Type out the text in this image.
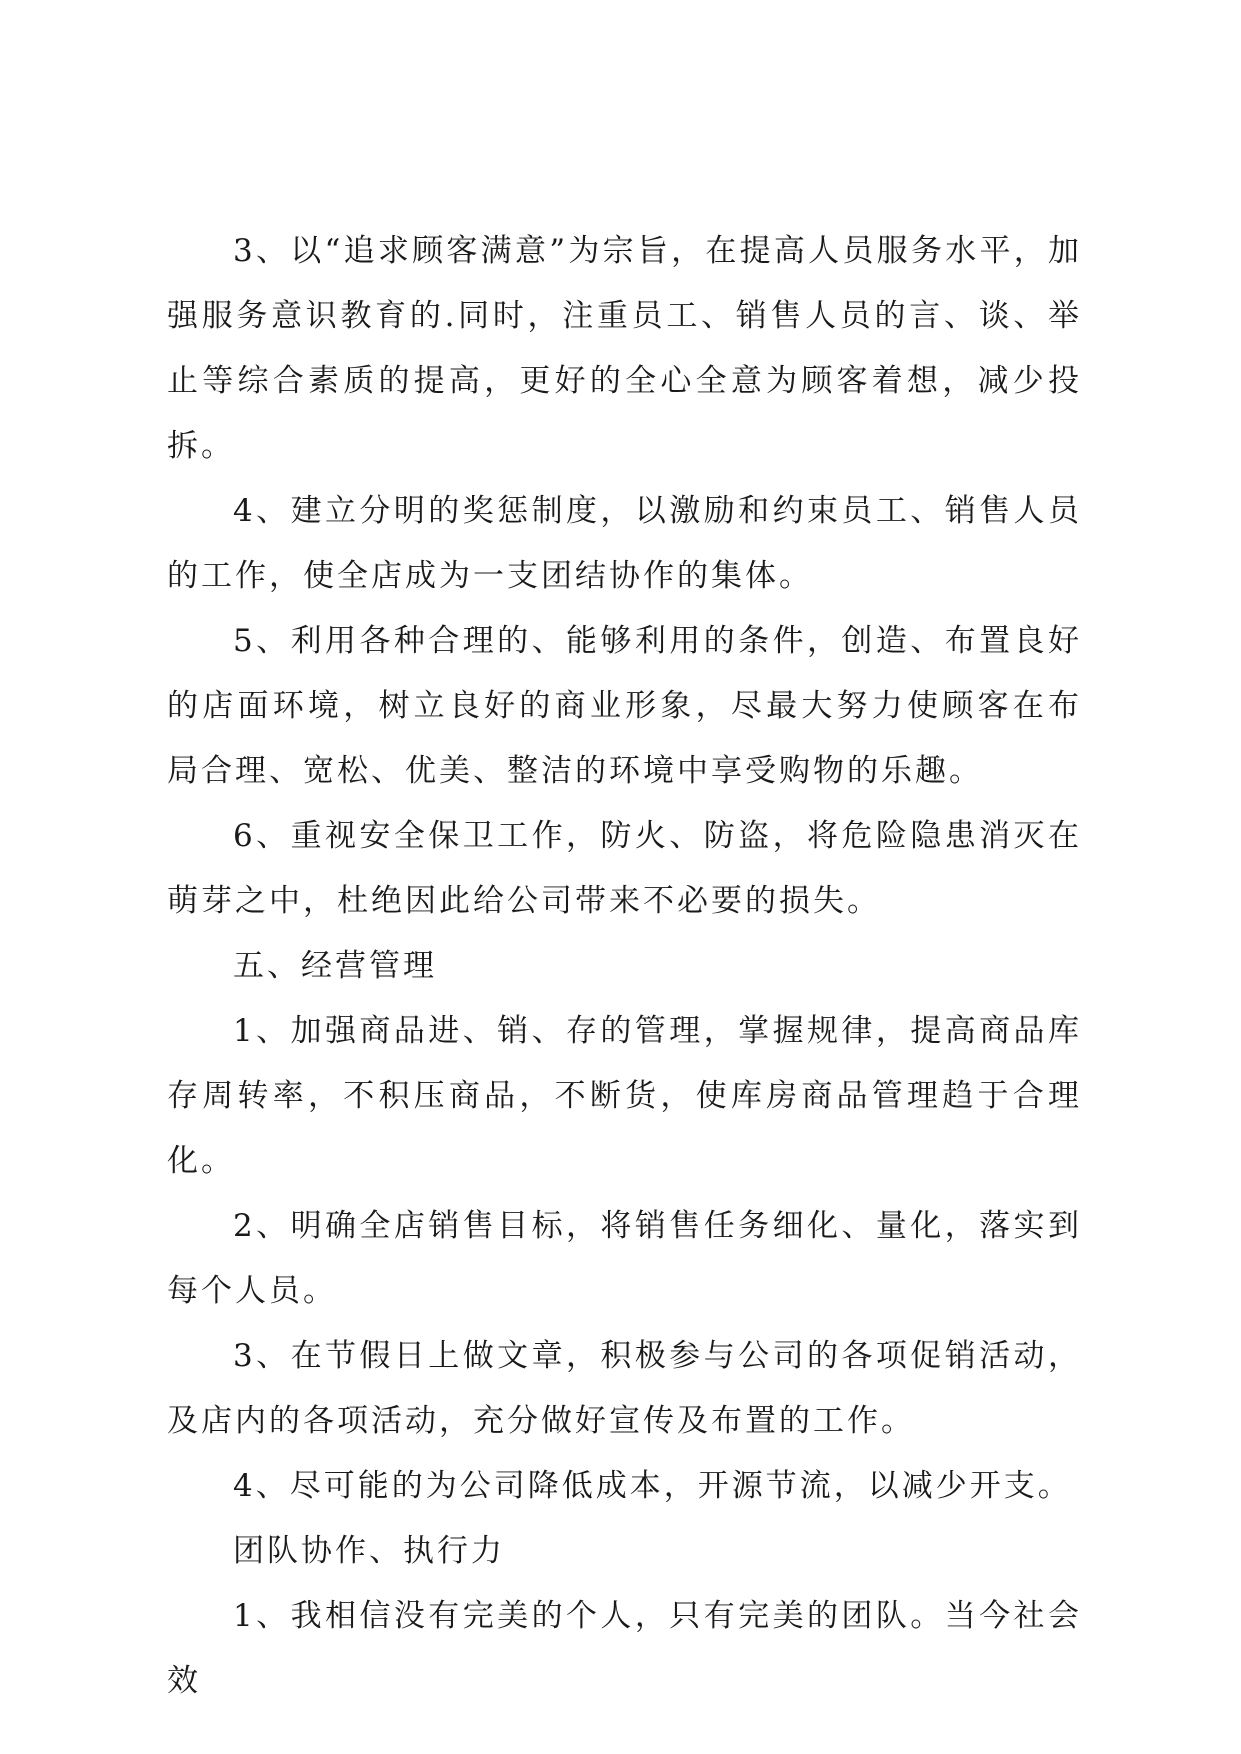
3、以“追求顾客满意”为宗旨，在提高人员服务水平，加强服务意识教育的.同时，注重员工、销售人员的言、谈、举止等综合素质的提高，更好的全心全意为顾客着想，减少投拆。

4、建立分明的奖惩制度，以激励和约束员工、销售人员的工作，使全店成为一支团结协作的集体。

5、利用各种合理的、能够利用的条件，创造、布置良好的店面环境，树立良好的商业形象，尽最大努力使顾客在布局合理、宽松、优美、整洁的环境中享受购物的乐趣。

6、重视安全保卫工作，防火、防盗，将危险隐患消灭在萌芽之中，杜绝因此给公司带来不必要的损失。

五、经营管理

1、加强商品进、销、存的管理，掌握规律，提高商品库存周转率，不积压商品，不断货，使库房商品管理趋于合理化。

2、明确全店销售目标，将销售任务细化、量化，落实到每个人员。

3、在节假日上做文章，积极参与公司的各项促销活动，及店内的各项活动，充分做好宣传及布置的工作。

4、尽可能的为公司降低成本，开源节流，以减少开支。

团队协作、执行力

1、我相信没有完美的个人，只有完美的团队。当今社会效
